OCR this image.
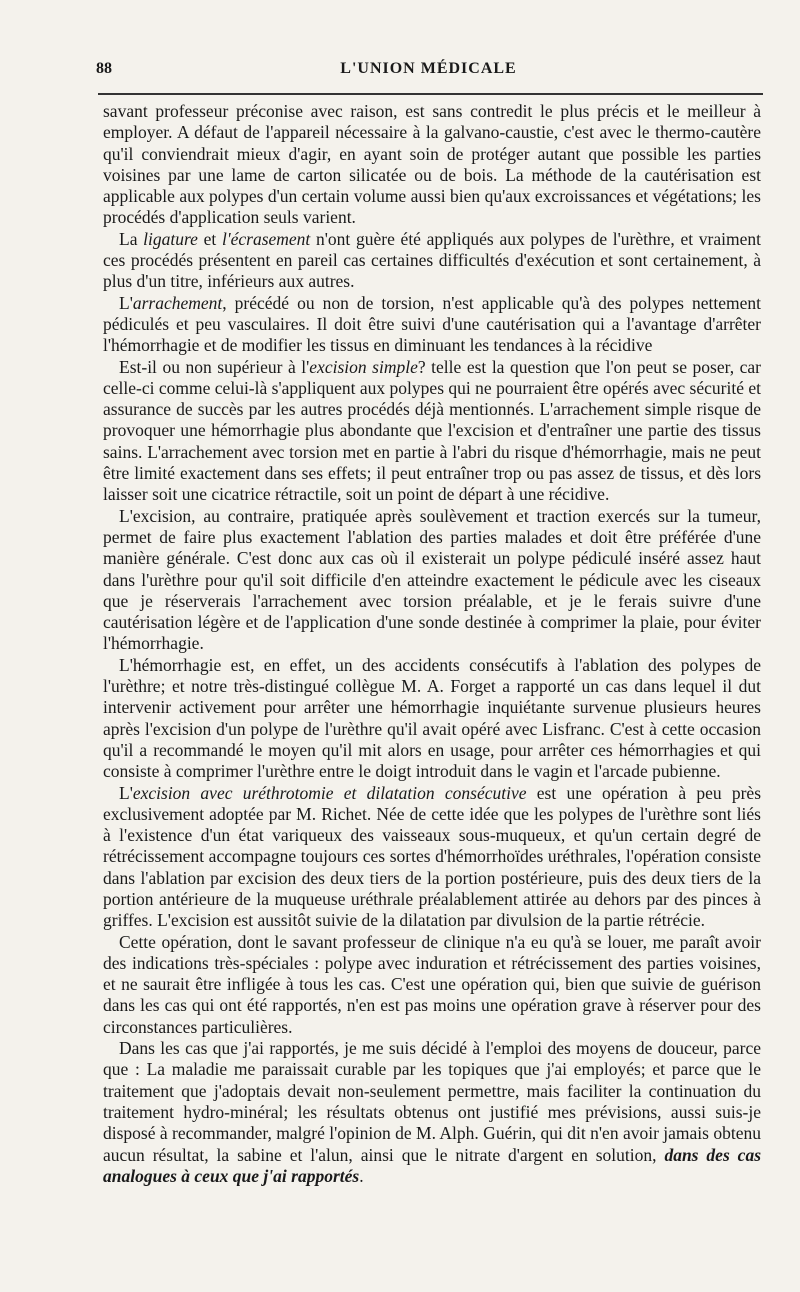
88	L'UNION MÉDICALE

savant professeur préconise avec raison, est sans contredit le plus précis et le meilleur à employer. A défaut de l'appareil nécessaire à la galvano-caustie, c'est avec le thermo-cautère qu'il conviendrait mieux d'agir, en ayant soin de protéger autant que possible les parties voisines par une lame de carton silicatée ou de bois. La méthode de la cautérisation est applicable aux polypes d'un certain volume aussi bien qu'aux excroissances et végétations; les procédés d'application seuls varient.

La ligature et l'écrasement n'ont guère été appliqués aux polypes de l'urèthre, et vraiment ces procédés présentent en pareil cas certaines difficultés d'exécution et sont certainement, à plus d'un titre, inférieurs aux autres.

L'arrachement, précédé ou non de torsion, n'est applicable qu'à des polypes nettement pédiculés et peu vasculaires. Il doit être suivi d'une cautérisation qui a l'avantage d'arrêter l'hémorrhagie et de modifier les tissus en diminuant les tendances à la récidive

Est-il ou non supérieur à l'excision simple? telle est la question que l'on peut se poser, car celle-ci comme celui-là s'appliquent aux polypes qui ne pourraient être opérés avec sécurité et assurance de succès par les autres procédés déjà mentionnés. L'arrachement simple risque de provoquer une hémorrhagie plus abondante que l'excision et d'entraîner une partie des tissus sains. L'arrachement avec torsion met en partie à l'abri du risque d'hémorrhagie, mais ne peut être limité exactement dans ses effets; il peut entraîner trop ou pas assez de tissus, et dès lors laisser soit une cicatrice rétractile, soit un point de départ à une récidive.

L'excision, au contraire, pratiquée après soulèvement et traction exercés sur la tumeur, permet de faire plus exactement l'ablation des parties malades et doit être préférée d'une manière générale. C'est donc aux cas où il existerait un polype pédiculé inséré assez haut dans l'urèthre pour qu'il soit difficile d'en atteindre exactement le pédicule avec les ciseaux que je réserverais l'arrachement avec torsion préalable, et je le ferais suivre d'une cautérisation légère et de l'application d'une sonde destinée à comprimer la plaie, pour éviter l'hémorrhagie.

L'hémorrhagie est, en effet, un des accidents consécutifs à l'ablation des polypes de l'urèthre; et notre très-distingué collègue M. A. Forget a rapporté un cas dans lequel il dut intervenir activement pour arrêter une hémorrhagie inquiétante survenue plusieurs heures après l'excision d'un polype de l'urèthre qu'il avait opéré avec Lisfranc. C'est à cette occasion qu'il a recommandé le moyen qu'il mit alors en usage, pour arrêter ces hémorrhagies et qui consiste à comprimer l'urèthre entre le doigt introduit dans le vagin et l'arcade pubienne.

L'excision avec uréthrotomie et dilatation consécutive est une opération à peu près exclusivement adoptée par M. Richet. Née de cette idée que les polypes de l'urèthre sont liés à l'existence d'un état variqueux des vaisseaux sous-muqueux, et qu'un certain degré de rétrécissement accompagne toujours ces sortes d'hémorrhoïdes uréthrales, l'opération consiste dans l'ablation par excision des deux tiers de la portion postérieure, puis des deux tiers de la portion antérieure de la muqueuse uréthrale préalablement attirée au dehors par des pinces à griffes. L'excision est aussitôt suivie de la dilatation par divulsion de la partie rétrécie.

Cette opération, dont le savant professeur de clinique n'a eu qu'à se louer, me paraît avoir des indications très-spéciales : polype avec induration et rétrécissement des parties voisines, et ne saurait être infligée à tous les cas. C'est une opération qui, bien que suivie de guérison dans les cas qui ont été rapportés, n'en est pas moins une opération grave à réserver pour des circonstances particulières.

Dans les cas que j'ai rapportés, je me suis décidé à l'emploi des moyens de douceur, parce que : La maladie me paraissait curable par les topiques que j'ai employés; et parce que le traitement que j'adoptais devait non-seulement permettre, mais faciliter la continuation du traitement hydro-minéral; les résultats obtenus ont justifié mes prévisions, aussi suis-je disposé à recommander, malgré l'opinion de M. Alph. Guérin, qui dit n'en avoir jamais obtenu aucun résultat, la sabine et l'alun, ainsi que le nitrate d'argent en solution, dans des cas analogues à ceux que j'ai rapportés.
